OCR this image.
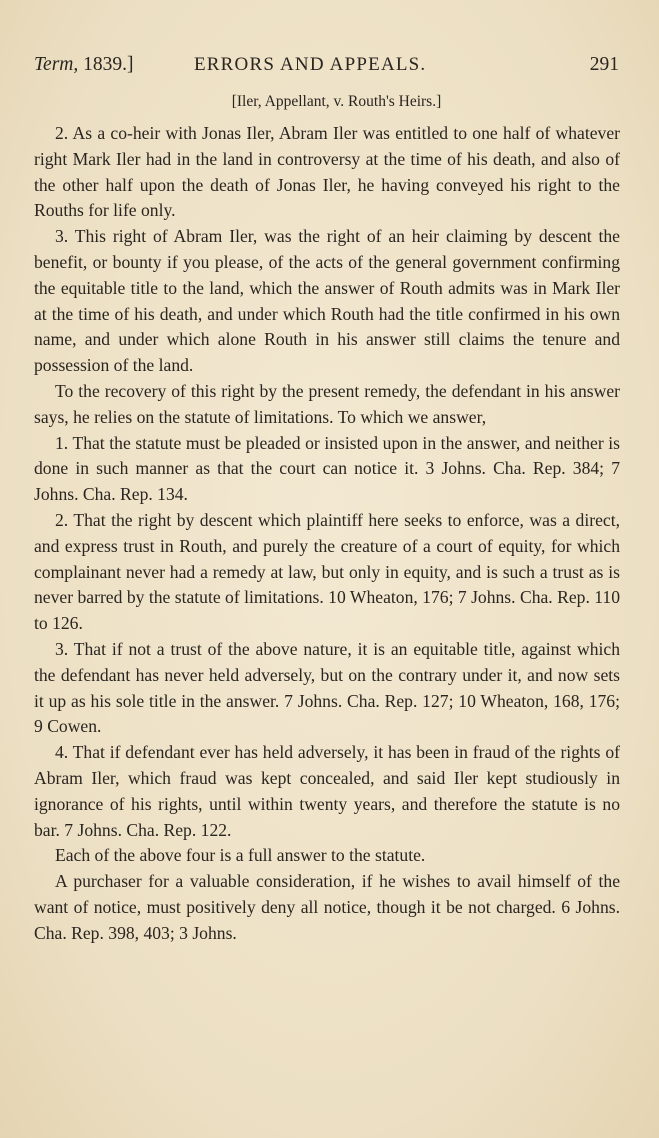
Term, 1839.]	ERRORS AND APPEALS.	291
[Iler, Appellant, v. Routh's Heirs.]

2. As a co-heir with Jonas Iler, Abram Iler was entitled to one half of whatever right Mark Iler had in the land in controversy at the time of his death, and also of the other half upon the death of Jonas Iler, he having conveyed his right to the Rouths for life only.

3. This right of Abram Iler, was the right of an heir claiming by descent the benefit, or bounty if you please, of the acts of the general government confirming the equitable title to the land, which the answer of Routh admits was in Mark Iler at the time of his death, and under which Routh had the title confirmed in his own name, and under which alone Routh in his answer still claims the tenure and possession of the land.

To the recovery of this right by the present remedy, the defendant in his answer says, he relies on the statute of limitations. To which we answer,

1. That the statute must be pleaded or insisted upon in the answer, and neither is done in such manner as that the court can notice it. 3 Johns. Cha. Rep. 384; 7 Johns. Cha. Rep. 134.

2. That the right by descent which plaintiff here seeks to enforce, was a direct, and express trust in Routh, and purely the creature of a court of equity, for which complainant never had a remedy at law, but only in equity, and is such a trust as is never barred by the statute of limitations. 10 Wheaton, 176; 7 Johns. Cha. Rep. 110 to 126.

3. That if not a trust of the above nature, it is an equitable title, against which the defendant has never held adversely, but on the contrary under it, and now sets it up as his sole title in the answer. 7 Johns. Cha. Rep. 127; 10 Wheaton, 168, 176; 9 Cowen.

4. That if defendant ever has held adversely, it has been in fraud of the rights of Abram Iler, which fraud was kept concealed, and said Iler kept studiously in ignorance of his rights, until within twenty years, and therefore the statute is no bar. 7 Johns. Cha. Rep. 122.

Each of the above four is a full answer to the statute.

A purchaser for a valuable consideration, if he wishes to avail himself of the want of notice, must positively deny all notice, though it be not charged. 6 Johns. Cha. Rep. 398, 403; 3 Johns.
